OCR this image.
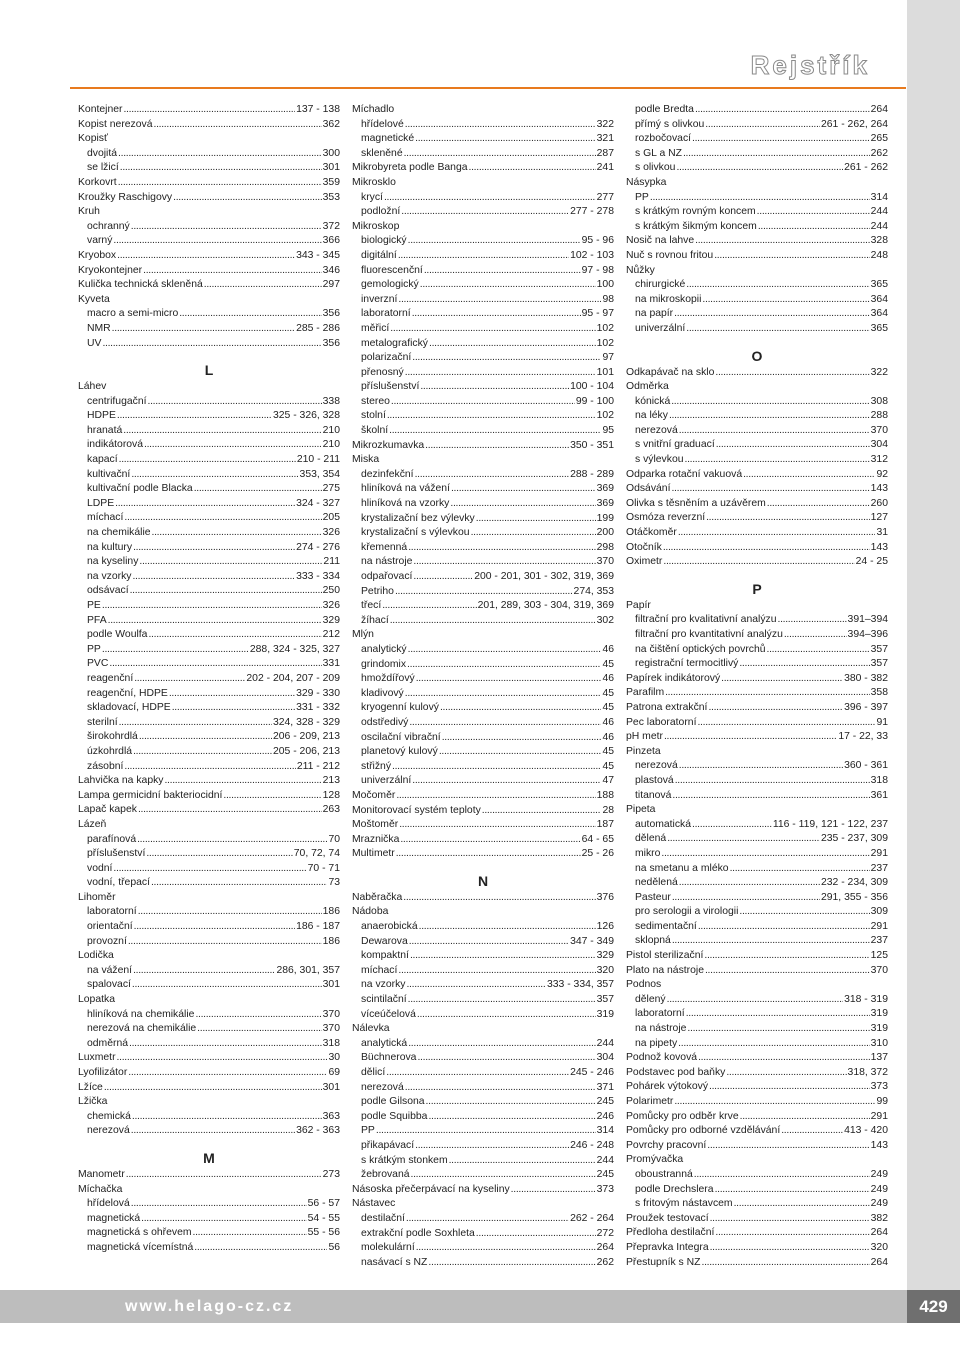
Rejstřík
Kontejner . . .	137 - 138
Kopist nerezová . . .	362
Kopisť
dvojitá . . .	300
se lžicí . . .	301
Korkovrt . . .	359
Kroužky Raschigovy . . .	353
Kruh
ochranný . . .	372
varný . . .	366
Kryobox . . .	343 - 345
Kryokontejner . . .	346
Kulička technická skleněná . . .	297
Kyveta
macro a semi-micro . . .	356
NMR . . .	285 - 286
UV . . .	356
L
Láhev
centrifugační . . .	338
HDPE . . .	325 - 326, 328
hranatá . . .	210
indikátorová . . .	210
kapací . . .	210 - 211
kultivační . . .	353, 354
kultivační podle Blacka . . .	275
LDPE . . .	324 - 327
míchací . . .	205
na chemikálie . . .	326
na kultury . . .	274 - 276
na kyseliny . . .	211
na vzorky . . .	333 - 334
odsávací . . .	250
PE . . .	326
PFA . . .	329
podle Woulfa . . .	212
PP . . .	288, 324 - 325, 327
PVC . . .	331
reagenční . . .	202 - 204, 207 - 209
reagenční, HDPE . . .	329 - 330
skladovací, HDPE . . .	331 - 332
sterilní . . .	324, 328 - 329
širokohrdlá . . .	206 - 209, 213
úzkohrdlá . . .	205 - 206, 213
zásobní . . .	211 - 212
Lahvička na kapky . . .	213
Lampa germicidní bakteriocidní . . .	128
Lapač kapek . . .	263
Lázeň
parafínová . . .	70
příslušenství . . .	70, 72, 74
vodní . . .	70 - 71
vodní, třepací . . .	73
Lihoměr
laboratorní . . .	186
orientační . . .	186 - 187
provozní . . .	186
Lodička
na vážení . . .	286, 301, 357
spalovací . . .	301
Lopatka
hliníková na chemikálie . . .	370
nerezová na chemikálie . . .	370
odměrná . . .	318
Luxmetr . . .	30
Lyofilizátor . . .	69
Lžíce . . .	301
Lžička
chemická . . .	363
nerezová . . .	362 - 363
M
Manometr . . .	273
Míchačka
hřídelová . . .	56 - 57
magnetická . . .	54 - 55
magnetická s ohřevem . . .	55 - 56
magnetická vícemístná . . .	56
Míchadlo
hřídelové . . .	322
magnetické . . .	321
skleněné . . .	287
Mikrobyreta podle Banga . . .	241
Mikrosklo
krycí . . .	277
podložní . . .	277 - 278
Mikroskop
biologický . . .	95 - 96
digitální . . .	102 - 103
fluorescenční . . .	97 - 98
gemologický . . .	100
inverzní . . .	98
laboratorní . . .	95 - 97
měřicí . . .	102
metalografický . . .	102
polarizační . . .	97
přenosný . . .	101
příslušenství . . .	100 - 104
stereo . . .	99 - 100
stolní . . .	102
školní . . .	95
Mikrozkumavka . . .	350 - 351
Miska
dezinfekční . . .	288 - 289
hliníková na vážení . . .	369
hliníková na vzorky . . .	369
krystalizační bez výlevky . . .	199
krystalizační s výlevkou . . .	200
křemenná . . .	298
na nástroje . . .	370
odpařovací . . .	200 - 201, 301 - 302, 319, 369
Petriho . . .	274, 353
třecí . . .	201, 289, 303 - 304, 319, 369
žíhací . . .	302
Mlýn
analytický . . .	46
grindomix . . .	45
hmoždířový . . .	46
kladivový . . .	45
kryogenní kulový . . .	45
odstředivý . . .	46
oscilační vibrační . . .	46
planetový kulový . . .	45
střižný . . .	45
univerzální . . .	47
Močoměr . . .	188
Monitorovací systém teploty . . .	28
Moštoměr . . .	187
Mraznička . . .	64 - 65
Multimetr . . .	25 - 26
N
Naběračka . . .	376
Nádoba
anaerobická . . .	126
Dewarova . . .	347 - 349
kompaktní . . .	329
míchací . . .	320
na vzorky . . .	333 - 334, 357
scintilační . . .	357
víceúčelová . . .	319
Nálevka
analytická . . .	244
Büchnerova . . .	304
dělicí . . .	245 - 246
nerezová . . .	371
podle Gilsona . . .	245
podle Squibba . . .	246
PP . . .	314
přikapávací . . .	246 - 248
s krátkým stonkem . . .	244
žebrovaná . . .	245
Násoska přečerpávací na kyseliny . . .	373
Nástavec
destilační . . .	262 - 264
extrakční podle Soxhleta . . .	272
molekulární . . .	264
nasávací s NZ . . .	262
podle Bredta . . .	264
přímý s olivkou . . .	261 - 262, 264
rozbočovací . . .	265
s GL a NZ . . .	262
s olivkou . . .	261 - 262
Násypka
PP . . .	314
s krátkým rovným koncem . . .	244
s krátkým šikmým koncem . . .	244
Nosič na lahve . . .	328
Nuč s rovnou fritou . . .	248
Nůžky
chirurgické . . .	365
na mikroskopii . . .	364
na papír . . .	364
univerzální . . .	365
O
Odkapávač na sklo . . .	322
Odměrka
kónická . . .	308
na léky . . .	288
nerezová . . .	370
s vnitřní graduací . . .	304
s výlevkou . . .	312
Odparka rotační vakuová . . .	92
Odsávání . . .	143
Olivka s těsněním a uzávěrem . . .	260
Osmóza reverzní . . .	127
Otáčkoměr . . .	31
Otočník . . .	143
Oximetr . . .	24 - 25
P
Papír
filtrační pro kvalitativní analýzu . . .	391–394
filtrační pro kvantitativní analýzu . . .	394–396
na čištění optických povrchů . . .	357
registrační termocitlivý . . .	357
Papírek indikátorový . . .	380 - 382
Parafilm . . .	358
Patrona extrakční . . .	396 - 397
Pec laboratorní . . .	91
pH metr . . .	17 - 22, 33
Pinzeta
nerezová . . .	360 - 361
plastová . . .	318
titanová . . .	361
Pipeta
automatická . . .	116 - 119, 121 - 122, 237
dělená . . .	235 - 237, 309
mikro . . .	291
na smetanu a mléko . . .	237
nedělená . . .	232 - 234, 309
Pasteur . . .	291, 355 - 356
pro serologii a virologii . . .	309
sedimentační . . .	291
sklopná . . .	237
Pistol sterilizační . . .	125
Plato na nástroje . . .	370
Podnos
dělený . . .	318 - 319
laboratorní . . .	319
na nástroje . . .	319
na pipety . . .	310
Podnož kovová . . .	137
Podstavec pod baňky . . .	318, 372
Pohárek výtokový . . .	373
Polarimetr . . .	99
Pomůcky pro odběr krve . . .	291
Pomůcky pro odborné vzdělávání . . .	413 - 420
Povrchy pracovní . . .	143
Promývačka
oboustranná . . .	249
podle Drechslera . . .	249
s fritovým nástavcem . . .	249
Proužek testovací . . .	382
Předloha destilační . . .	264
Přepravka Integra . . .	320
Přestupník s NZ . . .	264
www.helago-cz.cz	429
